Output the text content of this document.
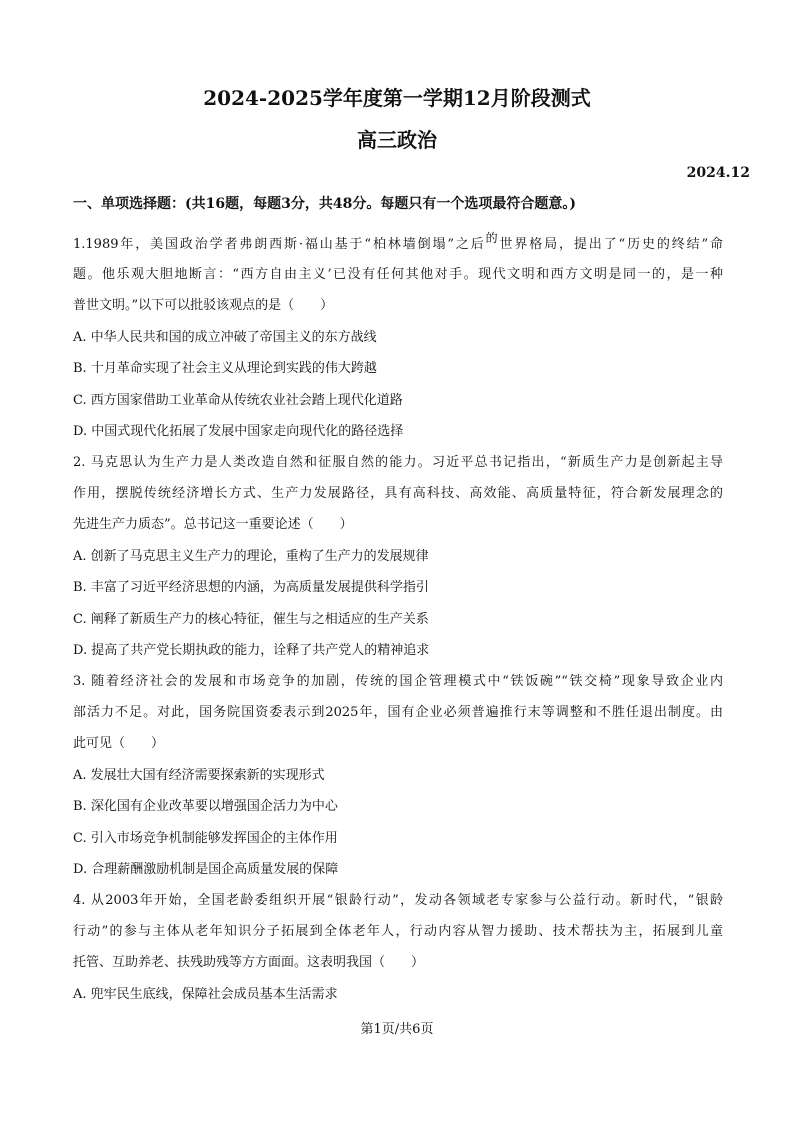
2024-2025学年度第一学期12月阶段测式
高三政治
2024.12
一、单项选择题：(共16题，每题3分，共48分。每题只有一个选项最符合题意。)
1.1989年，美国政治学者弗朗西斯·福山基于“柏林墙倒塌”之后的世界格局，提出了“历史的终结”命
题。他乐观大胆地断言：“西方自由主义’已没有任何其他对手。现代文明和西方文明是同一的，是一种
普世文明。”以下可以批驳该观点的是（　　）
A. 中华人民共和国的成立冲破了帝国主义的东方战线
B. 十月革命实现了社会主义从理论到实践的伟大跨越
C. 西方国家借助工业革命从传统农业社会踏上现代化道路
D. 中国式现代化拓展了发展中国家走向现代化的路径选择
2. 马克思认为生产力是人类改造自然和征服自然的能力。习近平总书记指出，“新质生产力是创新起主导
作用，摆脱传统经济增长方式、生产力发展路径，具有高科技、高效能、高质量特征，符合新发展理念的
先进生产力质态”。总书记这一重要论述（　　）
A. 创新了马克思主义生产力的理论，重构了生产力的发展规律
B. 丰富了习近平经济思想的内涵，为高质量发展提供科学指引
C. 阐释了新质生产力的核心特征，催生与之相适应的生产关系
D. 提高了共产党长期执政的能力，诠释了共产党人的精神追求
3. 随着经济社会的发展和市场竞争的加剧，传统的国企管理模式中“铁饭碗”“铁交椅”现象导致企业内
部活力不足。对此，国务院国资委表示到2025年，国有企业必须普遍推行末等调整和不胜任退出制度。由
此可见（　　）
A. 发展壮大国有经济需要探索新的实现形式
B. 深化国有企业改革要以增强国企活力为中心
C. 引入市场竞争机制能够发挥国企的主体作用
D. 合理薪酬激励机制是国企高质量发展的保障
4. 从2003年开始，全国老龄委组织开展“银龄行动”，发动各领域老专家参与公益行动。新时代，“银龄
行动”的参与主体从老年知识分子拓展到全体老年人，行动内容从智力援助、技术帮扶为主，拓展到儿童
托管、互助养老、扶残助残等方方面面。这表明我国（　　）
A. 兜牢民生底线，保障社会成员基本生活需求
第1页/共6页
